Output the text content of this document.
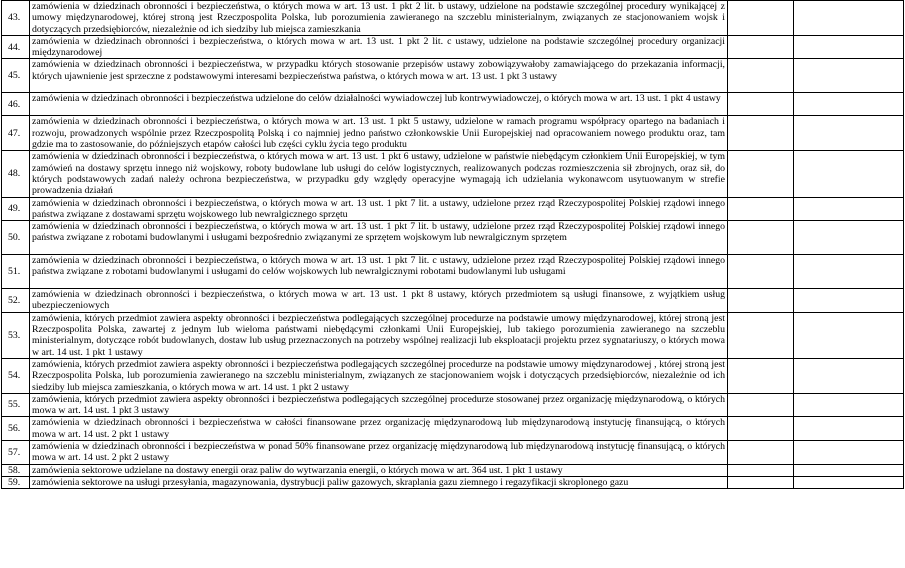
43.	zamówienia w dziedzinach obronności i bezpieczeństwa, o których mowa w art. 13 ust. 1 pkt 2 lit. b ustawy, udzielone na podstawie szczególnej procedury wynikającej z umowy międzynarodowej, której stroną jest Rzeczpospolita Polska, lub porozumienia zawieranego na szczeblu ministerialnym, związanych ze stacjonowaniem wojsk i dotyczących przedsiębiorców, niezależnie od ich siedziby lub miejsca zamieszkania		
44.	zamówienia w dziedzinach obronności i bezpieczeństwa, o których mowa w art. 13 ust. 1 pkt 2 lit. c ustawy, udzielone na podstawie szczególnej procedury organizacji międzynarodowej		
45.	zamówienia w dziedzinach obronności i bezpieczeństwa, w przypadku których stosowanie przepisów ustawy zobowiązywałoby zamawiającego do przekazania informacji, których ujawnienie jest sprzeczne z podstawowymi interesami bezpieczeństwa państwa, o których mowa w art. 13 ust. 1 pkt 3 ustawy		
46.	zamówienia w dziedzinach obronności i bezpieczeństwa udzielone do celów działalności wywiadowczej lub kontrwywiadowczej, o których mowa w art. 13 ust. 1 pkt 4 ustawy		
47.	zamówienia w dziedzinach obronności i bezpieczeństwa, o których mowa w art. 13 ust. 1 pkt 5 ustawy, udzielone w ramach programu współpracy opartego na badaniach i rozwoju, prowadzonych wspólnie przez Rzeczpospolitą Polską i co najmniej jedno państwo członkowskie Unii Europejskiej nad opracowaniem nowego produktu oraz, tam gdzie ma to zastosowanie, do późniejszych etapów całości lub części cyklu życia tego produktu		
48.	zamówienia w dziedzinach obronności i bezpieczeństwa, o których mowa w art. 13 ust. 1 pkt 6 ustawy, udzielone w państwie niebędącym członkiem Unii Europejskiej, w tym zamówień na dostawy sprzętu innego niż wojskowy, roboty budowlane lub usługi do celów logistycznych, realizowanych podczas rozmieszczenia sił zbrojnych, oraz sił, do których podstawowych zadań należy ochrona bezpieczeństwa, w przypadku gdy względy operacyjne wymagają ich udzielania wykonawcom usytuowanym w strefie prowadzenia działań		
49.	zamówienia w dziedzinach obronności i bezpieczeństwa, o których mowa w art. 13 ust. 1 pkt 7 lit. a ustawy, udzielone przez rząd Rzeczypospolitej Polskiej rządowi innego państwa związane z dostawami sprzętu wojskowego lub newralgicznego sprzętu		
50.	zamówienia w dziedzinach obronności i bezpieczeństwa, o których mowa w art. 13 ust. 1 pkt 7 lit. b ustawy, udzielone przez rząd Rzeczypospolitej Polskiej rządowi innego państwa związane z robotami budowlanymi i usługami bezpośrednio związanymi ze sprzętem wojskowym lub newralgicznym sprzętem		
51.	zamówienia w dziedzinach obronności i bezpieczeństwa, o których mowa w art. 13 ust. 1 pkt 7 lit. c ustawy, udzielone przez rząd Rzeczypospolitej Polskiej rządowi innego państwa związane z robotami budowlanymi i usługami do celów wojskowych lub newralgicznymi robotami budowlanymi lub usługami		
52.	zamówienia w dziedzinach obronności i bezpieczeństwa, o których mowa w art. 13 ust. 1 pkt 8 ustawy, których przedmiotem są usługi finansowe, z wyjątkiem usług ubezpieczeniowych		
53.	zamówienia, których przedmiot zawiera aspekty obronności i bezpieczeństwa podlegających szczególnej procedurze na podstawie umowy międzynarodowej, której stroną jest Rzeczpospolita Polska, zawartej z jednym lub wieloma państwami niebędącymi członkami Unii Europejskiej, lub takiego porozumienia zawieranego na szczeblu ministerialnym, dotyczące robót budowlanych, dostaw lub usług przeznaczonych na potrzeby wspólnej realizacji lub eksploatacji projektu przez sygnatariuszy, o których mowa w art. 14 ust. 1 pkt 1 ustawy		
54.	zamówienia, których przedmiot zawiera aspekty obronności i bezpieczeństwa podlegających szczególnej procedurze na podstawie umowy międzynarodowej , której stroną jest Rzeczpospolita Polska, lub porozumienia zawieranego na szczeblu ministerialnym, związanych ze stacjonowaniem wojsk i dotyczących przedsiębiorców, niezależnie od ich siedziby lub miejsca zamieszkania, o których mowa w art. 14 ust. 1 pkt 2 ustawy		
55.	zamówienia, których przedmiot zawiera aspekty obronności i bezpieczeństwa podlegających szczególnej procedurze stosowanej przez organizację międzynarodową, o których mowa w art. 14 ust. 1 pkt 3 ustawy		
56.	zamówienia w dziedzinach obronności i bezpieczeństwa w całości finansowane przez organizację międzynarodową lub międzynarodową instytucję finansującą, o których mowa w art. 14 ust. 2 pkt 1 ustawy		
57.	zamówienia w dziedzinach obronności i bezpieczeństwa w ponad 50% finansowane przez organizację międzynarodową lub międzynarodową instytucję finansującą, o których mowa w art. 14 ust. 2 pkt 2 ustawy		
58.	zamówienia sektorowe udzielane na dostawy energii oraz paliw do wytwarzania energii, o których mowa w art. 364 ust. 1 pkt 1 ustawy		
59.	zamówienia sektorowe na usługi przesyłania, magazynowania, dystrybucji paliw gazowych, skraplania gazu ziemnego i regazyfikacji skroplonego gazu		
